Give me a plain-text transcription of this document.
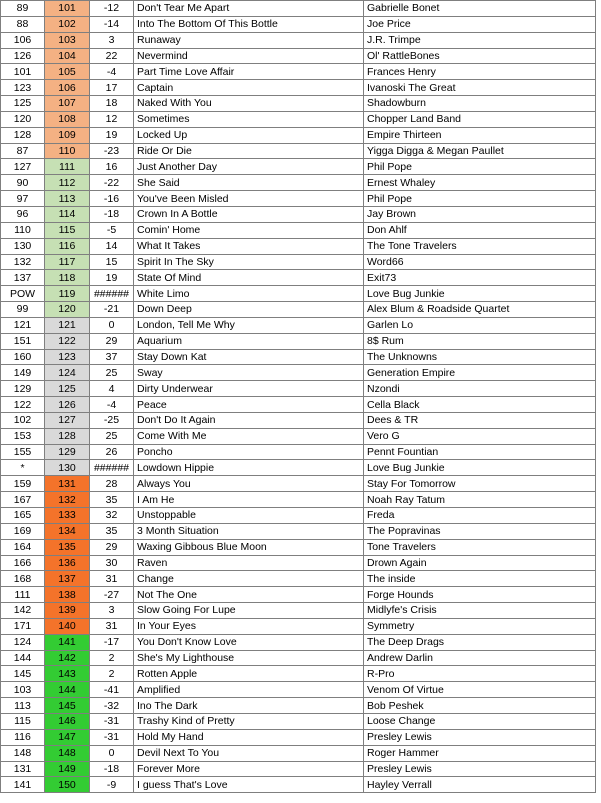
89	101	-12	Don't Tear Me Apart	Gabrielle Bonet
88	102	-14	Into The Bottom Of This Bottle	Joe Price
106	103	3	Runaway	J.R. Trimpe
126	104	22	Nevermind	Ol' RattleBones
101	105	-4	Part Time Love Affair	Frances Henry
123	106	17	Captain	Ivanoski The Great
125	107	18	Naked With You	Shadowburn
120	108	12	Sometimes	Chopper Land Band
128	109	19	Locked Up	Empire Thirteen
87	110	-23	Ride Or Die	Yigga Digga & Megan Paullet
127	111	16	Just Another Day	Phil Pope
90	112	-22	She Said	Ernest Whaley
97	113	-16	You've Been Misled	Phil Pope
96	114	-18	Crown In A Bottle	Jay Brown
110	115	-5	Comin' Home	Don Ahlf
130	116	14	What It Takes	The Tone Travelers
132	117	15	Spirit In The Sky	Word66
137	118	19	State Of Mind	Exit73
POW	119	######	White Limo	Love Bug Junkie
99	120	-21	Down Deep	Alex Blum & Roadside Quartet
121	121	0	London, Tell Me Why	Garlen Lo
151	122	29	Aquarium	8$ Rum
160	123	37	Stay Down Kat	The Unknowns
149	124	25	Sway	Generation Empire
129	125	4	Dirty Underwear	Nzondi
122	126	-4	Peace	Cella Black
102	127	-25	Don't Do It Again	Dees & TR
153	128	25	Come With Me	Vero G
155	129	26	Poncho	Pennt Fountian
*	130	######	Lowdown Hippie	Love Bug Junkie
159	131	28	Always You	Stay For Tomorrow
167	132	35	I Am He	Noah Ray Tatum
165	133	32	Unstoppable	Freda
169	134	35	3 Month Situation	The Popravinas
164	135	29	Waxing Gibbous Blue Moon	Tone Travelers
166	136	30	Raven	Drown Again
168	137	31	Change	The inside
111	138	-27	Not The One	Forge Hounds
142	139	3	Slow Going For Lupe	Midlyfe's Crisis
171	140	31	In Your Eyes	Symmetry
124	141	-17	You Don't Know Love	The Deep Drags
144	142	2	She's My Lighthouse	Andrew Darlin
145	143	2	Rotten Apple	R-Pro
103	144	-41	Amplified	Venom Of Virtue
113	145	-32	Ino The Dark	Bob Peshek
115	146	-31	Trashy Kind of Pretty	Loose Change
116	147	-31	Hold My Hand	Presley Lewis
148	148	0	Devil Next To You	Roger Hammer
131	149	-18	Forever More	Presley Lewis
141	150	-9	I guess That's Love	Hayley Verrall
